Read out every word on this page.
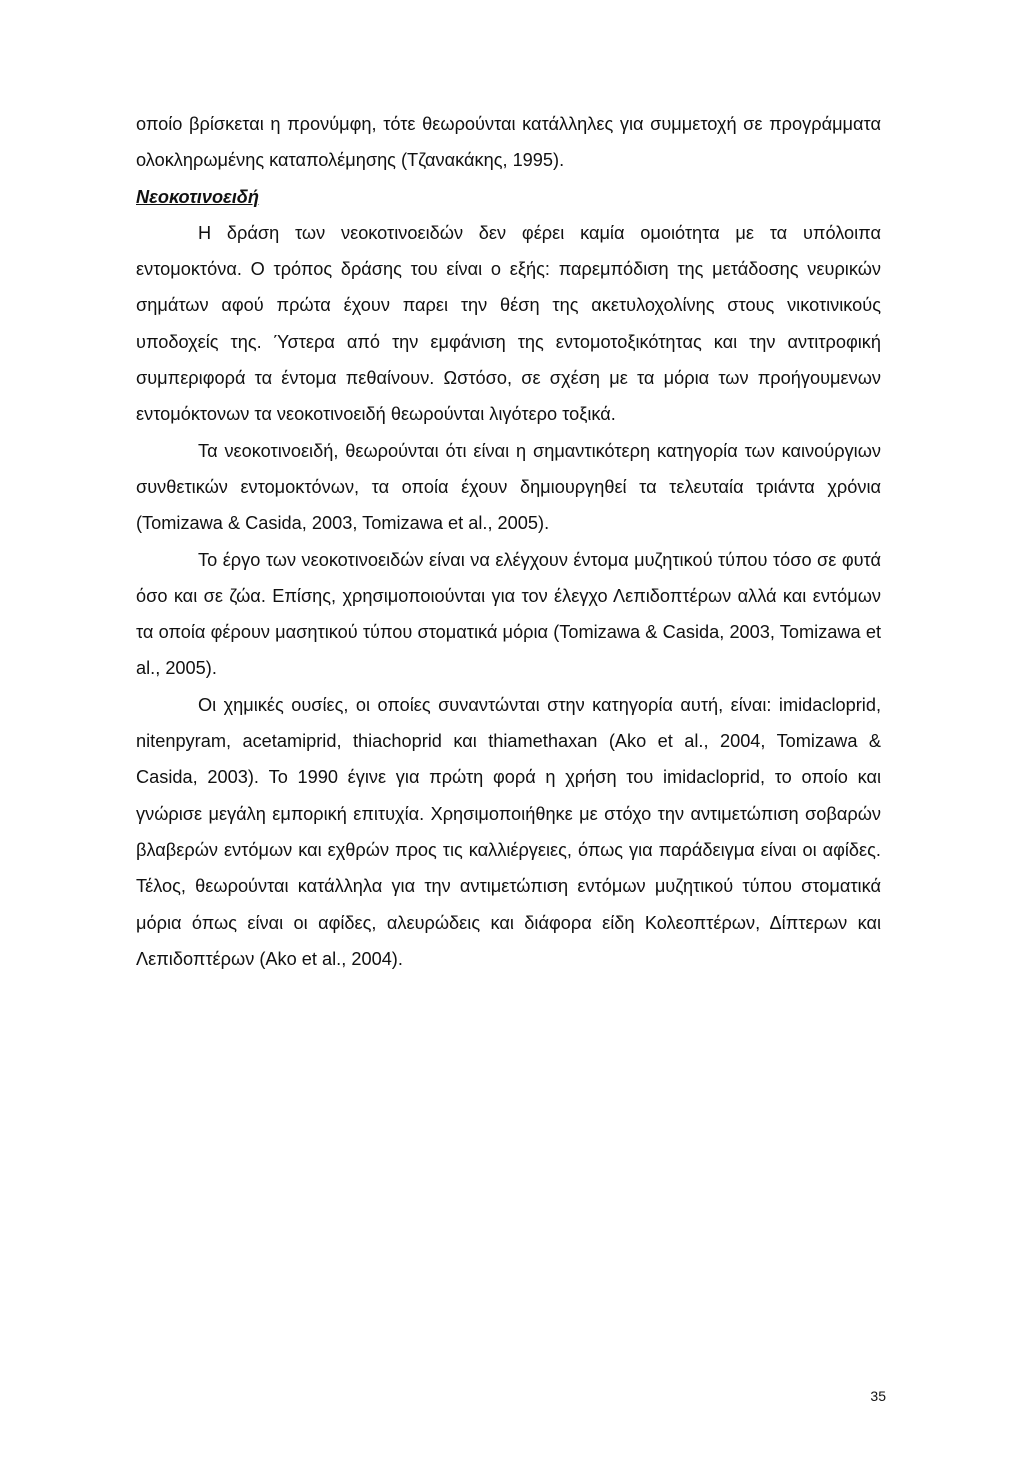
οποίο βρίσκεται η προνύμφη, τότε θεωρούνται κατάλληλες για συμμετοχή σε προγράμματα ολοκληρωμένης καταπολέμησης (Τζανακάκης, 1995).

Νεοκοτινοειδή

Η δράση των νεοκοτινοειδών δεν φέρει καμία ομοιότητα με τα υπόλοιπα εντομοκτόνα. Ο τρόπος δράσης του είναι ο εξής: παρεμπόδιση της μετάδοσης νευρικών σημάτων αφού πρώτα έχουν παρει την θέση της ακετυλοχολίνης στους νικοτινικούς υποδοχείς της. Ύστερα από την εμφάνιση της εντομοτοξικότητας και την αντιτροφική συμπεριφορά τα έντομα πεθαίνουν. Ωστόσο, σε σχέση με τα μόρια των προήγουμενων εντομόκτονων τα νεοκοτινοειδή θεωρούνται λιγότερο τοξικά.

Τα νεοκοτινοειδή, θεωρούνται ότι είναι η σημαντικότερη κατηγορία των καινούργιων συνθετικών εντομοκτόνων, τα οποία έχουν δημιουργηθεί τα τελευταία τριάντα χρόνια (Tomizawa & Casida, 2003, Tomizawa et al., 2005).

Το έργο των νεοκοτινοειδών είναι να ελέγχουν έντομα μυζητικού τύπου τόσο σε φυτά όσο και σε ζώα. Επίσης, χρησιμοποιούνται για τον έλεγχο Λεπιδοπτέρων αλλά και εντόμων τα οποία φέρουν μασητικού τύπου στοματικά μόρια (Tomizawa & Casida, 2003, Tomizawa et al., 2005).

Οι χημικές ουσίες, οι οποίες συναντώνται στην κατηγορία αυτή, είναι: imidacloprid, nitenpyram, acetamiprid, thiachoprid και thiamethaxan (Ako et al., 2004, Tomizawa & Casida, 2003). Το 1990 έγινε για πρώτη φορά η χρήση του imidacloprid, το οποίο και γνώρισε μεγάλη εμπορική επιτυχία. Χρησιμοποιήθηκε με στόχο την αντιμετώπιση σοβαρών βλαβερών εντόμων και εχθρών προς τις καλλιέργειες, όπως για παράδειγμα είναι οι αφίδες. Τέλος, θεωρούνται κατάλληλα για την αντιμετώπιση εντόμων μυζητικού τύπου στοματικά μόρια όπως είναι οι αφίδες, αλευρώδεις και διάφορα είδη Κολεοπτέρων, Δίπτερων και Λεπιδοπτέρων (Ako et al., 2004).

35
